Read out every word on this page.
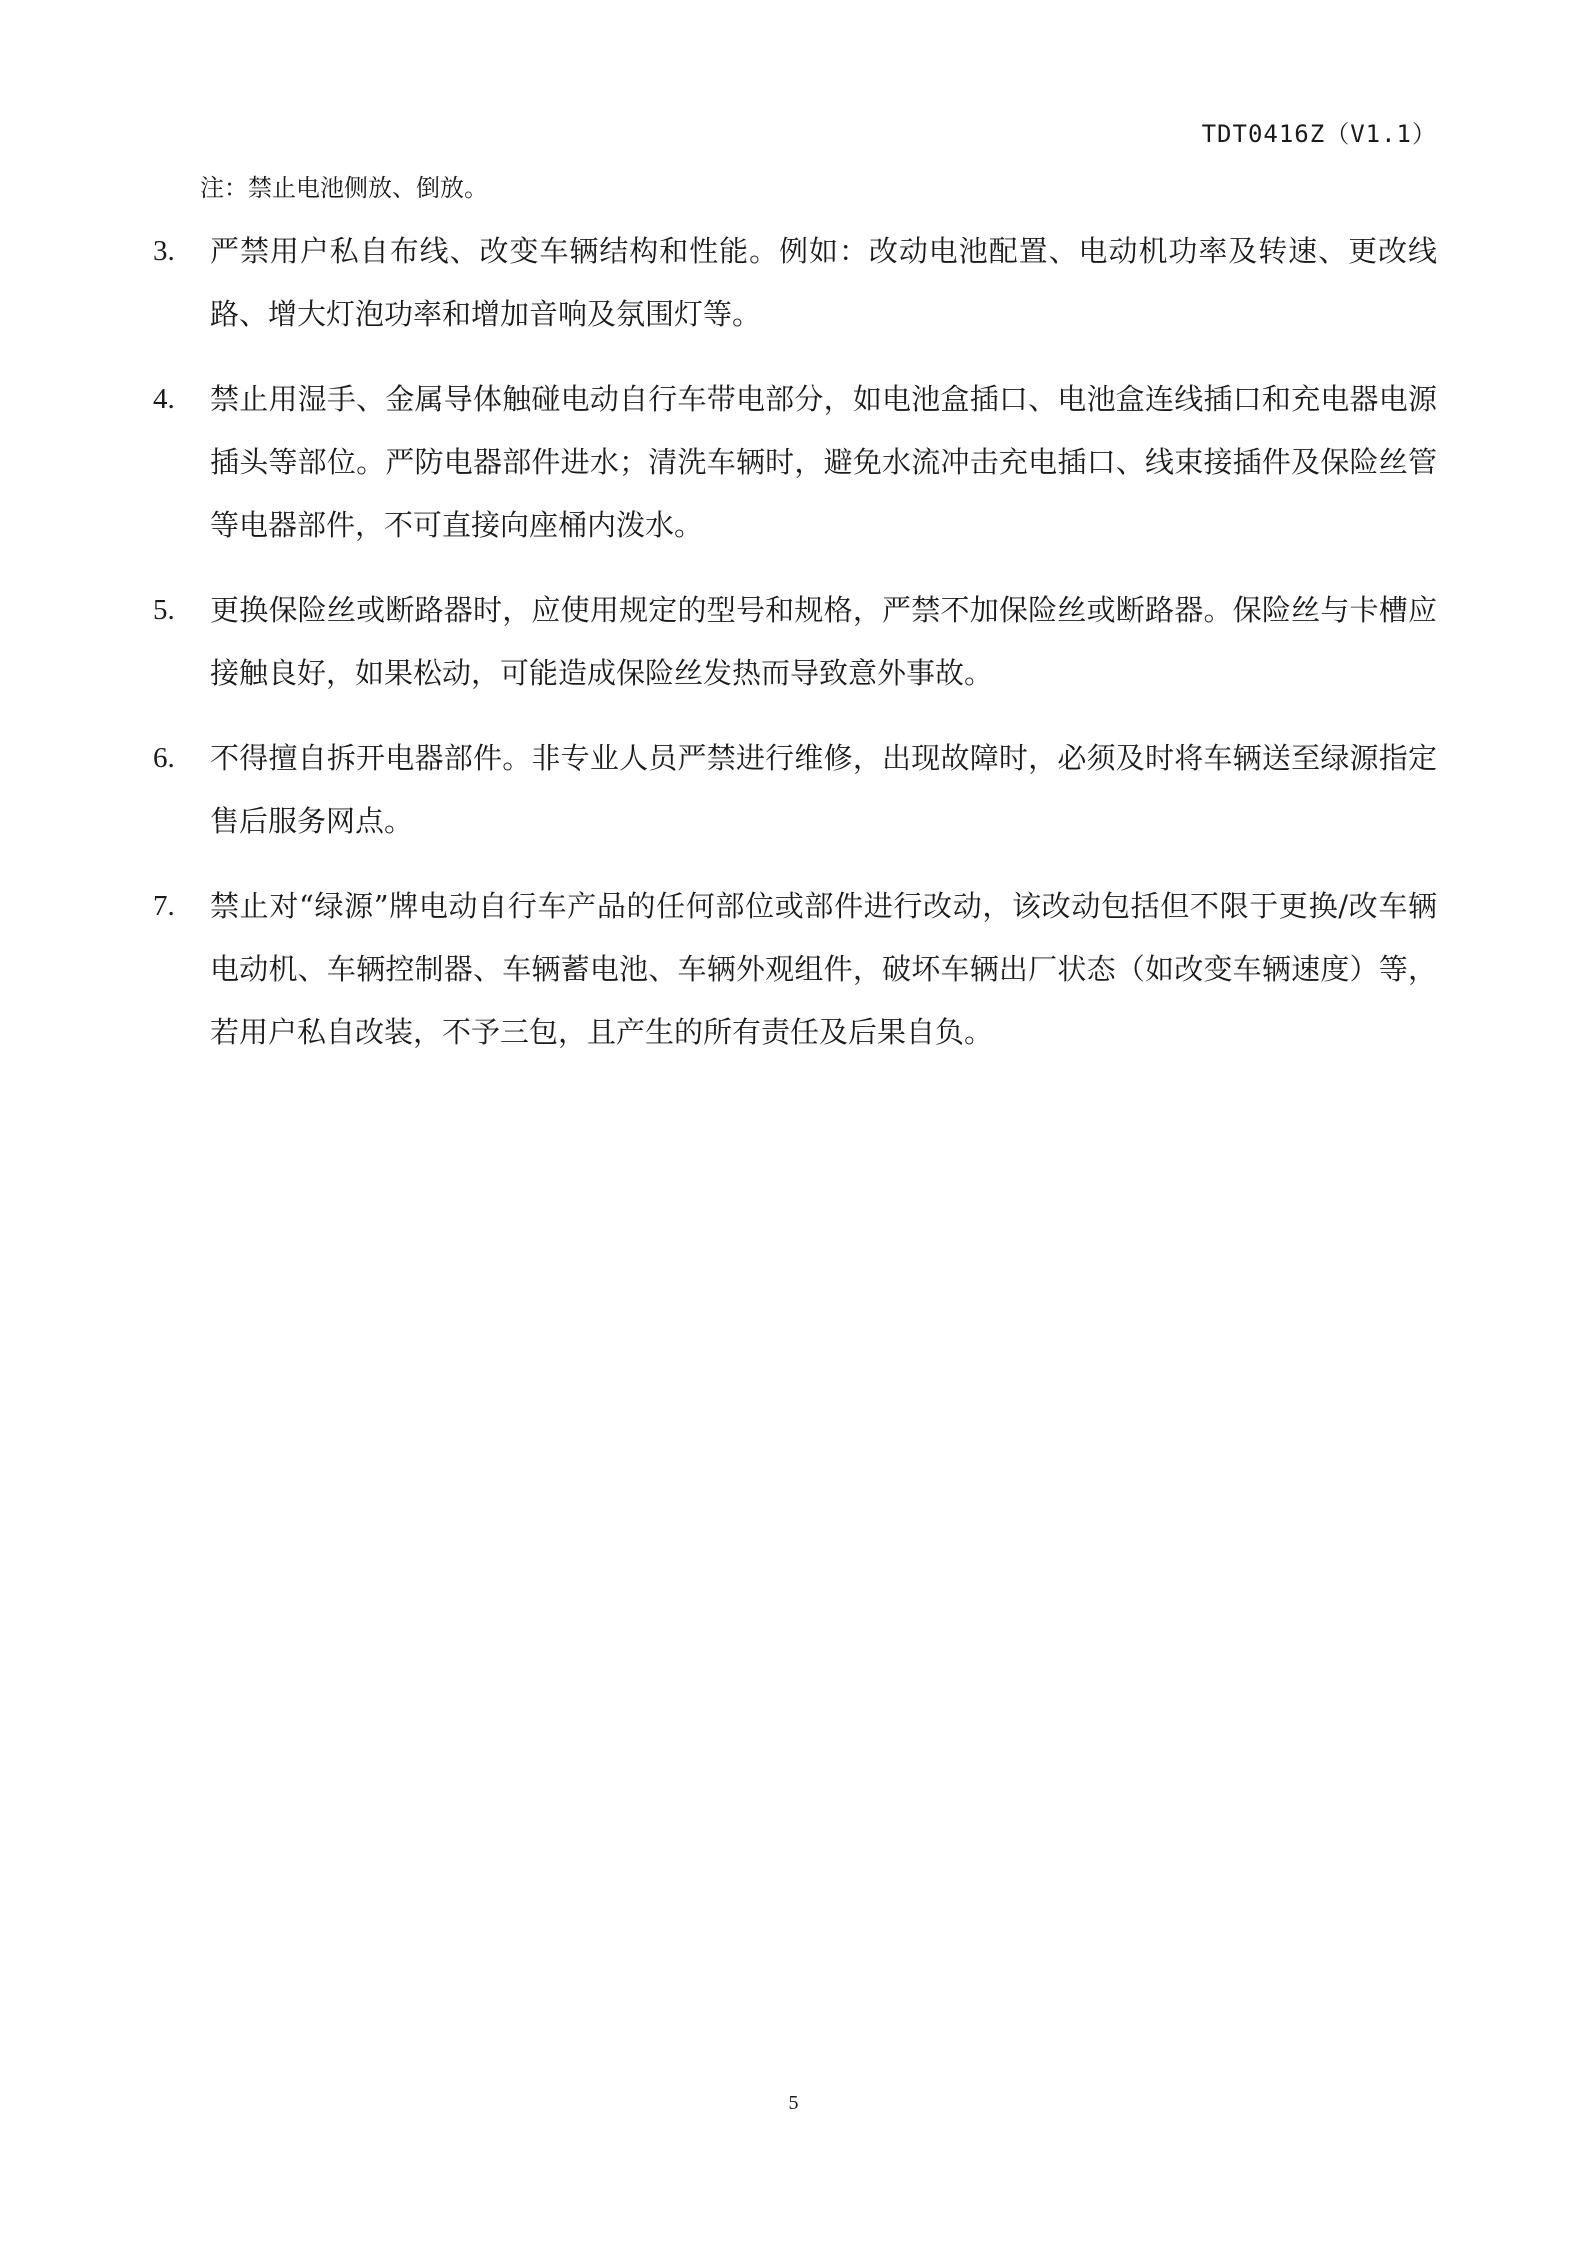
TDT0416Z（V1.1）
注：禁止电池侧放、倒放。
3. 严禁用户私自布线、改变车辆结构和性能。例如：改动电池配置、电动机功率及转速、更改线路、增大灯泡功率和增加音响及氛围灯等。
4. 禁止用湿手、金属导体触碰电动自行车带电部分，如电池盒插口、电池盒连线插口和充电器电源插头等部位。严防电器部件进水；清洗车辆时，避免水流冲击充电插口、线束接插件及保险丝管等电器部件，不可直接向座桶内泼水。
5. 更换保险丝或断路器时，应使用规定的型号和规格，严禁不加保险丝或断路器。保险丝与卡槽应接触良好，如果松动，可能造成保险丝发热而导致意外事故。
6. 不得擅自拆开电器部件。非专业人员严禁进行维修，出现故障时，必须及时将车辆送至绿源指定售后服务网点。
7. 禁止对“绿源”牌电动自行车产品的任何部位或部件进行改动，该改动包括但不限于更换/改车辆电动机、车辆控制器、车辆蓄电池、车辆外观组件，破坏车辆出厂状态（如改变车辆速度）等，若用户私自改装，不予三包，且产生的所有责任及后果自负。
5
